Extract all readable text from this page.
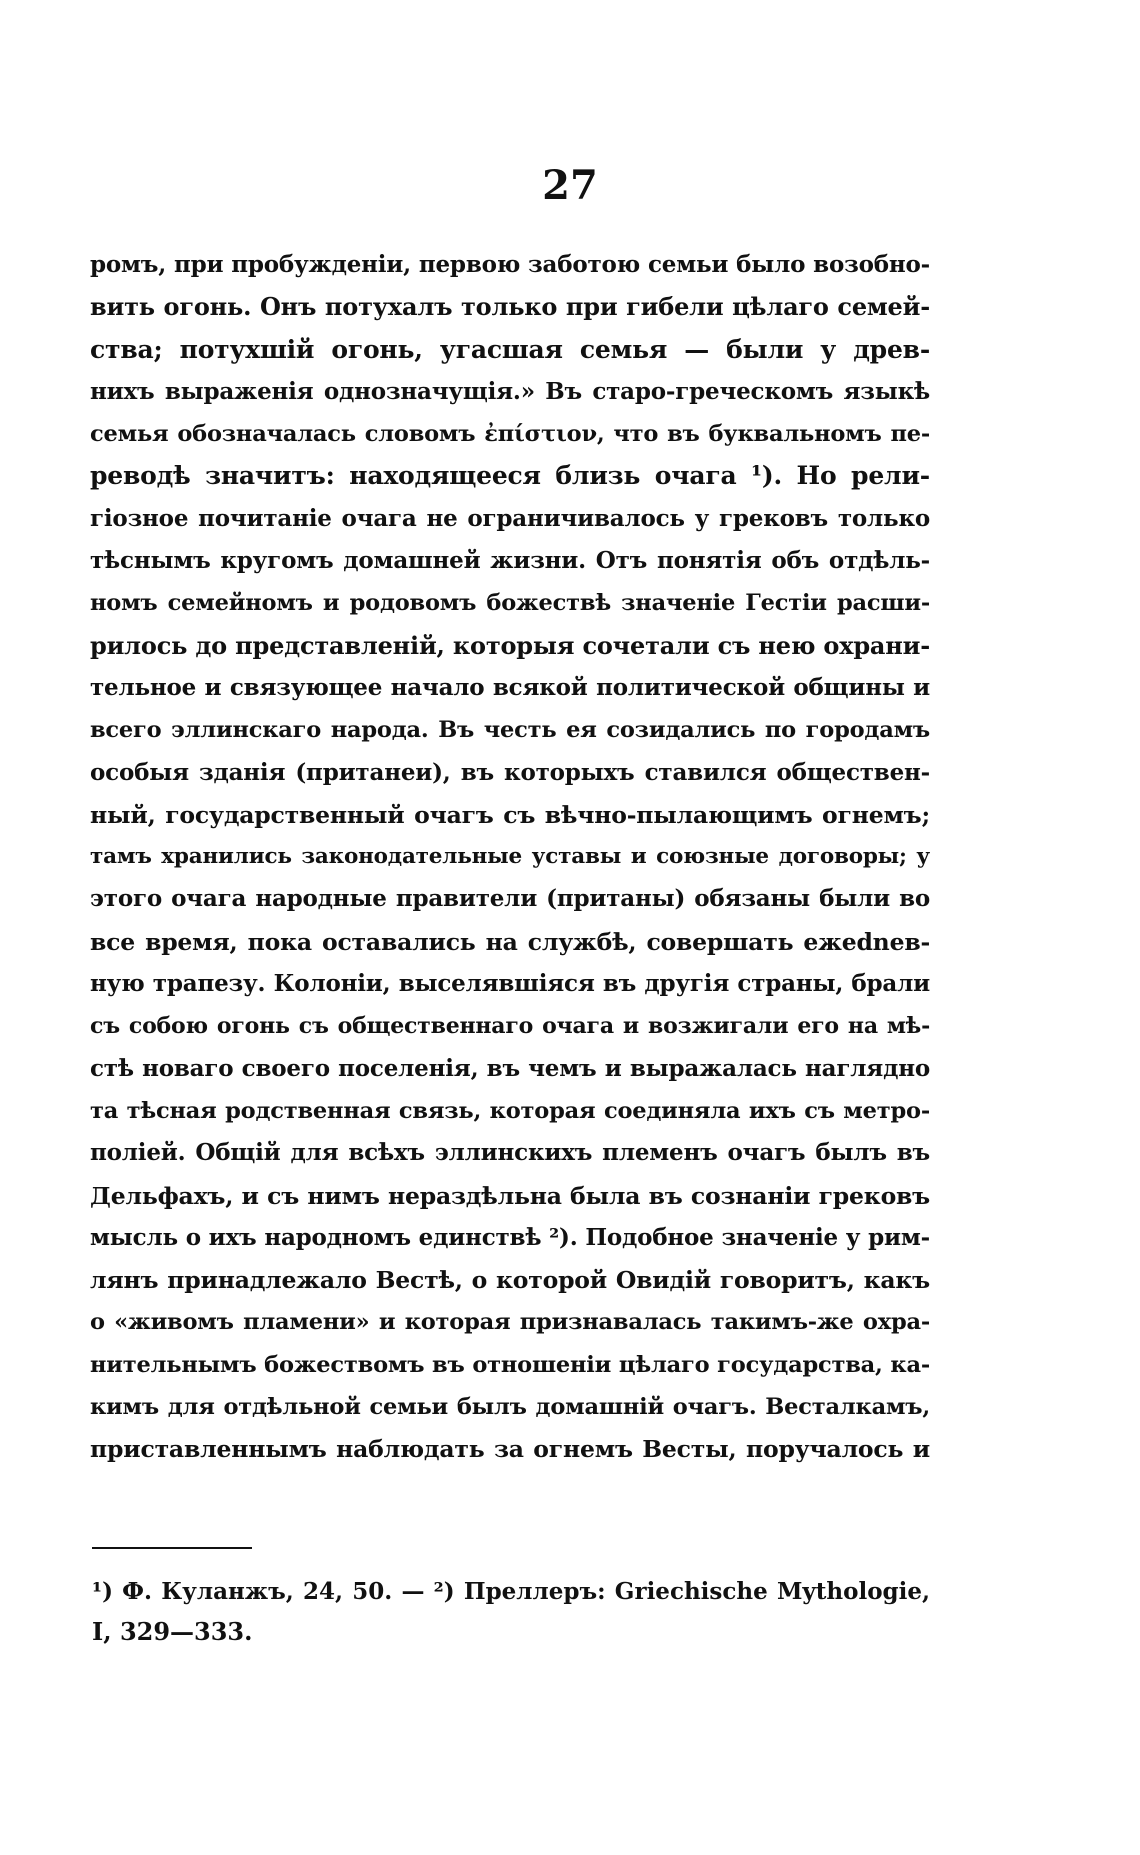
27
ромъ, при пробужденiи, первою заботою семьи было возобно-
вить огонь. Онъ потухалъ только при гибели цѣлаго семей-
ства; потухшiй огонь, угасшая семья — были у древ-
нихъ выраженiя однозначущiя.» Въ старо-греческомъ языкѣ
семья обозначалась словомъ ἐπίστιον, что въ буквальномъ пе-
реводѣ значитъ: находящееся близь очага ¹). Но рели-
гiозное почитанiе очага не ограничивалось у грековъ только
тѣснымъ кругомъ домашней жизни. Отъ понятiя объ отдѣль-
номъ семейномъ и родовомъ божествѣ значенiе Гестiи расши-
рилось до представленiй, которыя сочетали съ нею охрани-
тельное и связующее начало всякой политической общины и
всего эллинскаго народа. Въ честь ея созидались по городамъ
особыя зданiя (пританеи), въ которыхъ ставился обществен-
ный, государственный очагъ съ вѣчно-пылающимъ огнемъ;
тамъ хранились законодательные уставы и союзные договоры; у
этого очага народные правители (пританы) обязаны были во
все время, пока оставались на службѣ, совершать ежednев-
ную трапезу. Колонiи, выселявшiяся въ другiя страны, брали
съ собою огонь съ общественнаго очага и возжигали его на мѣ-
стѣ новаго своего поселенiя, въ чемъ и выражалась наглядно
та тѣсная родственная связь, которая соединяла ихъ съ метро-
полiей. Общiй для всѣхъ эллинскихъ племенъ очагъ былъ въ
Дельфахъ, и съ нимъ нераздѣльна была въ сознанiи грековъ
мысль о ихъ народномъ единствѣ ²). Подобное значенiе у рим-
лянъ принадлежало Вестѣ, о которой Овидiй говоритъ, какъ
о «живомъ пламени» и которая признавалась такимъ-же охра-
нительнымъ божествомъ въ отношенiи цѣлаго государства, ка-
кимъ для отдѣльной семьи былъ домашнiй очагъ. Весталкамъ,
приставленнымъ наблюдать за огнемъ Весты, поручалось и
¹) Ф. Куланжъ, 24, 50. — ²) Преллеръ: Griechische Mythologie,
I, 329—333.
